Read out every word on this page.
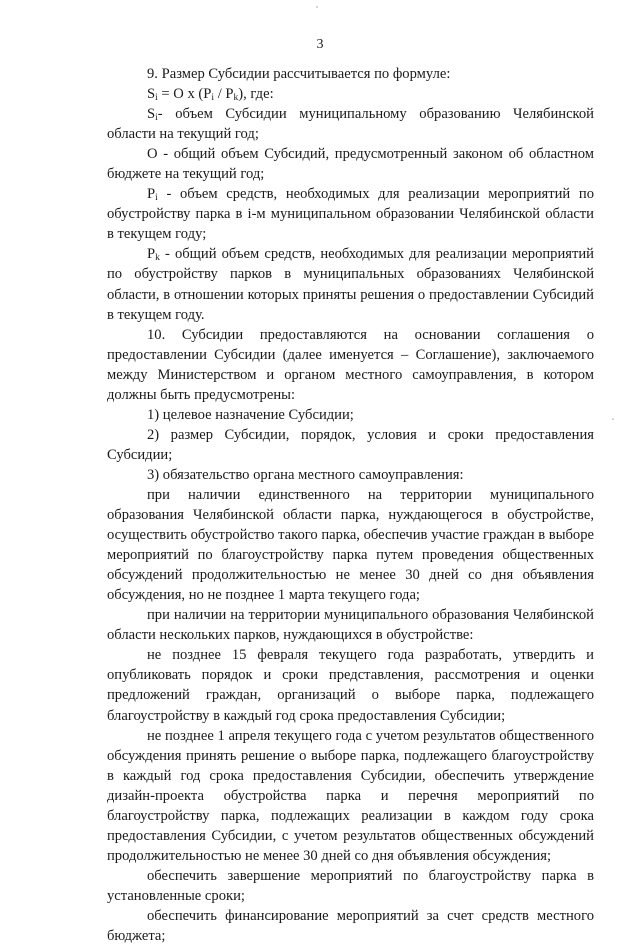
3

9. Размер Субсидии рассчитывается по формуле:

$S_i = О$ х $(P_i / P_k)$, где:

$S_i-$ объем Субсидии муниципальному образованию Челябинской области на текущий год;

О - общий объем Субсидий, предусмотренный законом об областном бюджете на текущий год;

$P_i$ - объем средств, необходимых для реализации мероприятий по обустройству парка в i-м муниципальном образовании Челябинской области в текущем году;

$P_k$ - общий объем средств, необходимых для реализации мероприятий по обустройству парков в муниципальных образованиях Челябинской области, в отношении которых приняты решения о предоставлении Субсидий в текущем году.

10. Субсидии предоставляются на основании соглашения о предоставлении Субсидии (далее именуется – Соглашение), заключаемого между Министерством и органом местного самоуправления, в котором должны быть предусмотрены:

1) целевое назначение Субсидии;

2) размер Субсидии, порядок, условия и сроки предоставления Субсидии;

3) обязательство органа местного самоуправления:

при наличии единственного на территории муниципального образования Челябинской области парка, нуждающегося в обустройстве, осуществить обустройство такого парка, обеспечив участие граждан в выборе мероприятий по благоустройству парка путем проведения общественных обсуждений продолжительностью не менее 30 дней со дня объявления обсуждения, но не позднее 1 марта текущего года;

при наличии на территории муниципального образования Челябинской области нескольких парков, нуждающихся в обустройстве:

не позднее 15 февраля текущего года разработать, утвердить и опубликовать порядок и сроки представления, рассмотрения и оценки предложений граждан, организаций о выборе парка, подлежащего благоустройству в каждый год срока предоставления Субсидии;

не позднее 1 апреля текущего года с учетом результатов общественного обсуждения принять решение о выборе парка, подлежащего благоустройству в каждый год срока предоставления Субсидии, обеспечить утверждение дизайн-проекта обустройства парка и перечня мероприятий по благоустройству парка, подлежащих реализации в каждом году срока предоставления Субсидии, с учетом результатов общественных обсуждений продолжительностью не менее 30 дней со дня объявления обсуждения;

обеспечить завершение мероприятий по благоустройству парка в установленные сроки;

обеспечить финансирование мероприятий за счет средств местного бюджета;
